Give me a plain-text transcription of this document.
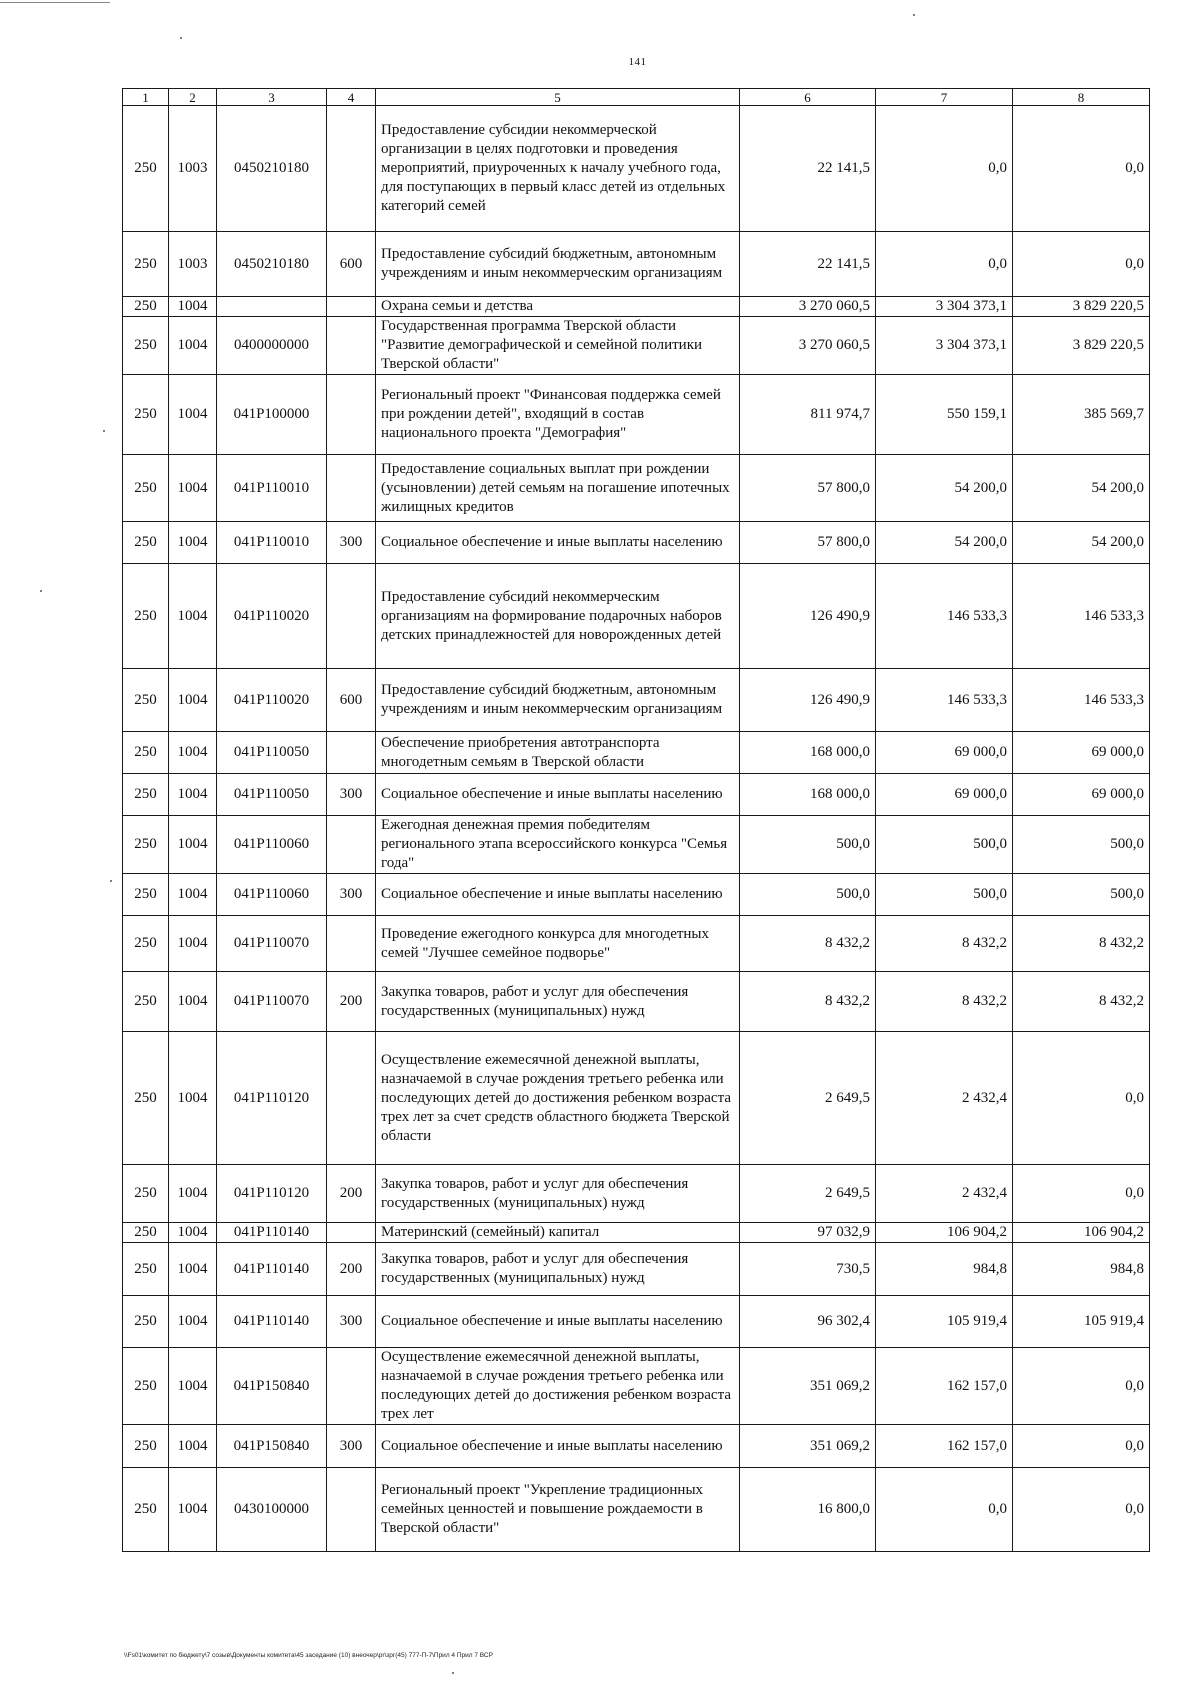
141
1	2	3	4	5	6	7	8
250	1003	0450210180		Предоставление субсидии некоммерческой организации в целях подготовки и проведения мероприятий, приуроченных к началу учебного года, для поступающих в первый класс детей из отдельных категорий семей	22 141,5	0,0	0,0
250	1003	0450210180	600	Предоставление субсидий бюджетным, автономным учреждениям и иным некоммерческим организациям	22 141,5	0,0	0,0
250	1004			Охрана семьи и детства	3 270 060,5	3 304 373,1	3 829 220,5
250	1004	0400000000		Государственная программа Тверской области "Развитие демографической и семейной политики Тверской области"	3 270 060,5	3 304 373,1	3 829 220,5
250	1004	041P100000		Региональный проект "Финансовая поддержка семей при рождении детей", входящий в состав национального проекта "Демография"	811 974,7	550 159,1	385 569,7
250	1004	041P110010		Предоставление социальных выплат при рождении (усыновлении) детей семьям на погашение ипотечных жилищных кредитов	57 800,0	54 200,0	54 200,0
250	1004	041P110010	300	Социальное обеспечение и иные выплаты населению	57 800,0	54 200,0	54 200,0
250	1004	041P110020		Предоставление субсидий некоммерческим организациям на формирование подарочных наборов детских принадлежностей для новорожденных детей	126 490,9	146 533,3	146 533,3
250	1004	041P110020	600	Предоставление субсидий бюджетным, автономным учреждениям и иным некоммерческим организациям	126 490,9	146 533,3	146 533,3
250	1004	041P110050		Обеспечение приобретения автотранспорта многодетным семьям в Тверской области	168 000,0	69 000,0	69 000,0
250	1004	041P110050	300	Социальное обеспечение и иные выплаты населению	168 000,0	69 000,0	69 000,0
250	1004	041P110060		Ежегодная денежная премия победителям регионального этапа всероссийского конкурса "Семья года"	500,0	500,0	500,0
250	1004	041P110060	300	Социальное обеспечение и иные выплаты населению	500,0	500,0	500,0
250	1004	041P110070		Проведение ежегодного конкурса для многодетных семей "Лучшее семейное подворье"	8 432,2	8 432,2	8 432,2
250	1004	041P110070	200	Закупка товаров, работ и услуг для обеспечения государственных (муниципальных) нужд	8 432,2	8 432,2	8 432,2
250	1004	041P110120		Осуществление ежемесячной денежной выплаты, назначаемой в случае рождения третьего ребенка или последующих детей до достижения ребенком возраста трех лет за счет средств областного бюджета Тверской области	2 649,5	2 432,4	0,0
250	1004	041P110120	200	Закупка товаров, работ и услуг для обеспечения государственных (муниципальных) нужд	2 649,5	2 432,4	0,0
250	1004	041P110140		Материнский (семейный) капитал	97 032,9	106 904,2	106 904,2
250	1004	041P110140	200	Закупка товаров, работ и услуг для обеспечения государственных (муниципальных) нужд	730,5	984,8	984,8
250	1004	041P110140	300	Социальное обеспечение и иные выплаты населению	96 302,4	105 919,4	105 919,4
250	1004	041P150840		Осуществление ежемесячной денежной выплаты, назначаемой в случае рождения третьего ребенка или последующих детей до достижения ребенком возраста трех лет	351 069,2	162 157,0	0,0
250	1004	041P150840	300	Социальное обеспечение и иные выплаты населению	351 069,2	162 157,0	0,0
250	1004	0430100000		Региональный проект "Укрепление традиционных семейных ценностей и повышение рождаемости в Тверской области"	16 800,0	0,0	0,0
\\Fs01\комитет по бюджету\7 созыв\Документы комитета\45 заседание (10) внеочер\pr\зрг(45) 777-П-7\Прил 4 Прил 7 ВСР
